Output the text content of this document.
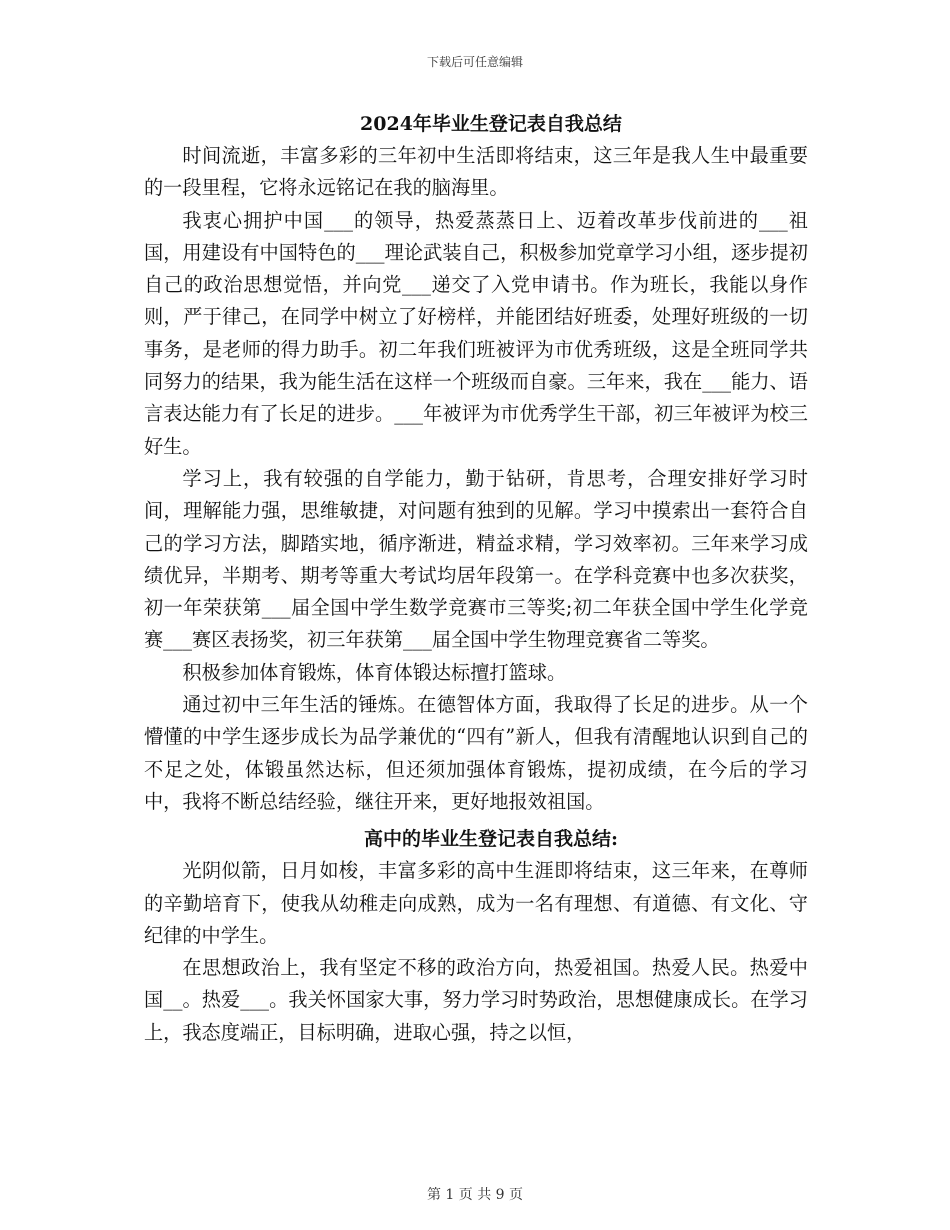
下载后可任意编辑
2024年毕业生登记表自我总结

时间流逝，丰富多彩的三年初中生活即将结束，这三年是我人生中最重要的一段里程，它将永远铭记在我的脑海里。

我衷心拥护中国___的领导，热爱蒸蒸日上、迈着改革步伐前进的___祖国，用建设有中国特色的___理论武装自己，积极参加党章学习小组，逐步提初自己的政治思想觉悟，并向党___递交了入党申请书。作为班长，我能以身作则，严于律己，在同学中树立了好榜样，并能团结好班委，处理好班级的一切事务，是老师的得力助手。初二年我们班被评为市优秀班级，这是全班同学共同努力的结果，我为能生活在这样一个班级而自豪。三年来，我在___能力、语言表达能力有了长足的进步。___年被评为市优秀学生干部，初三年被评为校三好生。

学习上，我有较强的自学能力，勤于钻研，肯思考，合理安排好学习时间，理解能力强，思维敏捷，对问题有独到的见解。学习中摸索出一套符合自己的学习方法，脚踏实地，循序渐进，精益求精，学习效率初。三年来学习成绩优异，半期考、期考等重大考试均居年段第一。在学科竞赛中也多次获奖，初一年荣获第___届全国中学生数学竞赛市三等奖;初二年获全国中学生化学竞赛___赛区表扬奖，初三年获第___届全国中学生物理竞赛省二等奖。

积极参加体育锻炼，体育体锻达标擅打篮球。

通过初中三年生活的锤炼。在德智体方面，我取得了长足的进步。从一个懵懂的中学生逐步成长为品学兼优的“四有”新人，但我有清醒地认识到自己的不足之处，体锻虽然达标，但还须加强体育锻炼，提初成绩，在今后的学习中，我将不断总结经验，继往开来，更好地报效祖国。

高中的毕业生登记表自我总结:

光阴似箭，日月如梭，丰富多彩的高中生涯即将结束，这三年来，在尊师的辛勤培育下，使我从幼稚走向成熟，成为一名有理想、有道德、有文化、守纪律的中学生。

在思想政治上，我有坚定不移的政治方向，热爱祖国。热爱人民。热爱中国__。热爱___。我关怀国家大事，努力学习时势政治，思想健康成长。在学习上，我态度端正，目标明确，进取心强，持之以恒，

第 1 页 共 9 页
